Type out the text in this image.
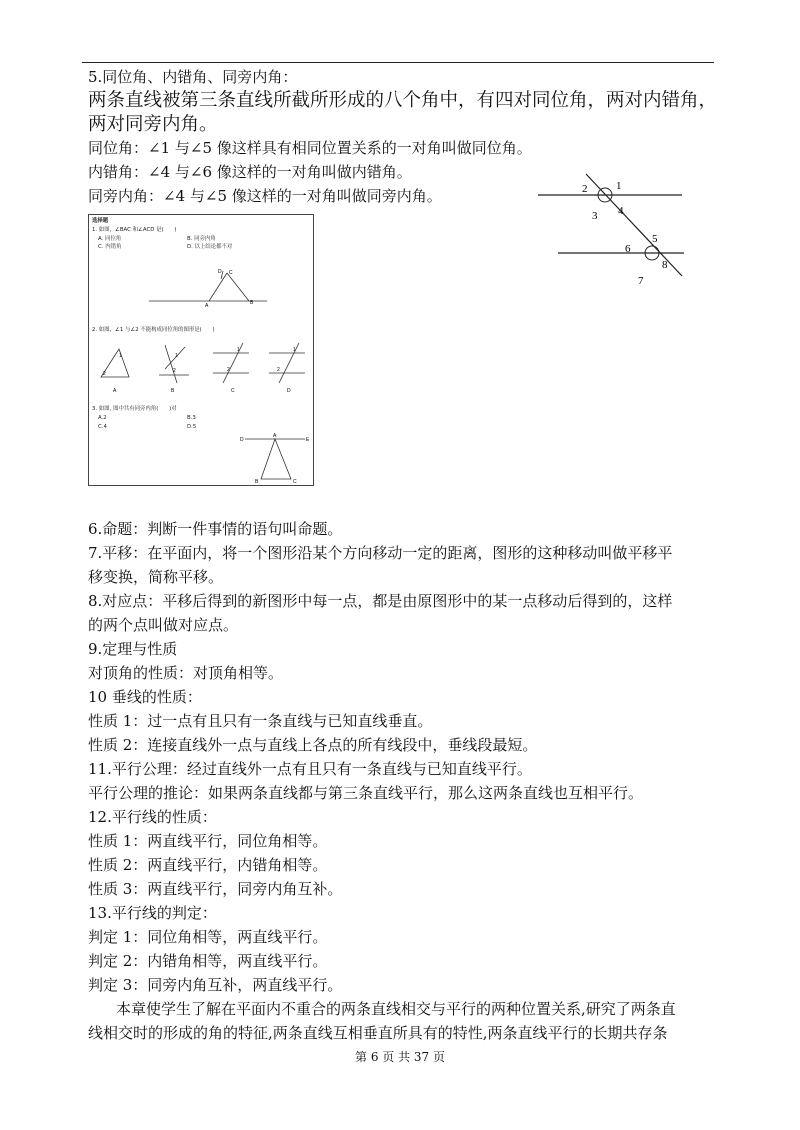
5.同位角、内错角、同旁内角：
两条直线被第三条直线所截所形成的八个角中，有四对同位角，两对内错角，
两对同旁内角。
同位角：∠1 与∠5 像这样具有相同位置关系的一对角叫做同位角。
内错角：∠4 与∠6 像这样的一对角叫做内错角。
同旁内角：∠4 与∠5 像这样的一对角叫做同旁内角。	2	1
3 4
5
6
7
8
选择题
1. 如图，∠BAC 和∠ACD 是(　　)
A. 同位角	B. 同旁内角
C. 内错角	D. 以上结论都不对
D C
A	B
2. 如图，∠1 与∠2 不能构成同位角的图形是(　　)
1
2
A
1
2
B
1
2
C
1
2
D
3. 如图, 图中共有同旁内角(　　)对
A.2	B.3
C.4	D.5
D
A
E
B	C
6.命题：判断一件事情的语句叫命题。
7.平移：在平面内，将一个图形沿某个方向移动一定的距离，图形的这种移动叫做平移平
移变换，简称平移。
8.对应点：平移后得到的新图形中每一点，都是由原图形中的某一点移动后得到的，这样
的两个点叫做对应点。
9.定理与性质
对顶角的性质：对顶角相等。
10 垂线的性质：
性质 1：过一点有且只有一条直线与已知直线垂直。
性质 2：连接直线外一点与直线上各点的所有线段中，垂线段最短。
11.平行公理：经过直线外一点有且只有一条直线与已知直线平行。
平行公理的推论：如果两条直线都与第三条直线平行，那么这两条直线也互相平行。
12.平行线的性质：
性质 1：两直线平行，同位角相等。
性质 2：两直线平行，内错角相等。
性质 3：两直线平行，同旁内角互补。
13.平行线的判定：
判定 1：同位角相等，两直线平行。
判定 2：内错角相等，两直线平行。
判定 3：同旁内角互补，两直线平行。
本章使学生了解在平面内不重合的两条直线相交与平行的两种位置关系,研究了两条直
线相交时的形成的角的特征,两条直线互相垂直所具有的特性,两条直线平行的长期共存条
第 6 页 共 37 页
